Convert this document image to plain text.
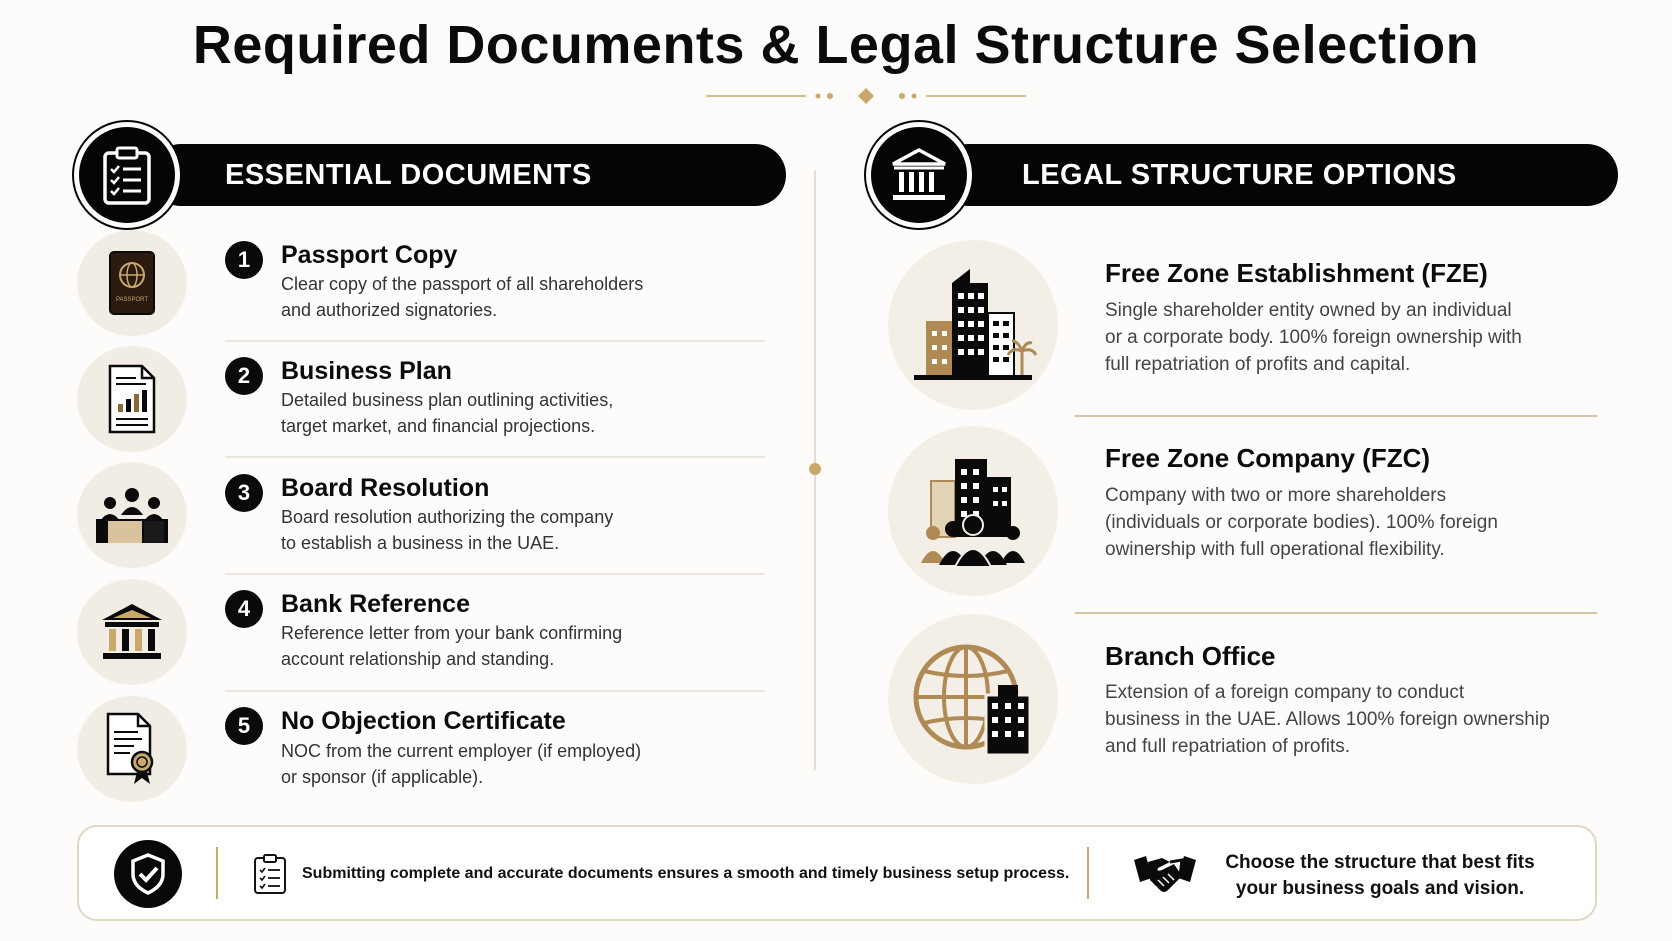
Required Documents & Legal Structure Selection
ESSENTIAL DOCUMENTS	LEGAL STRUCTURE OPTIONS
PASSPORT
1	Passport Copy
Clear copy of the passport of all shareholders
and authorized signatories.
2	Business Plan
Detailed business plan outlining activities,
target market, and financial projections.
3	Board Resolution
Board resolution authorizing the company
to establish a business in the UAE.
4	Bank Reference
Reference letter from your bank confirming
account relationship and standing.
5	No Objection Certificate
NOC from the current employer (if employed)
or sponsor (if applicable).
Free Zone Establishment (FZE)
Single shareholder entity owned by an individual
or a corporate body. 100% foreign ownership with
full repatriation of profits and capital.
Free Zone Company (FZC)
Company with two or more shareholders
(individuals or corporate bodies). 100% foreign
owinership with full operational flexibility.
Branch Office
Extension of a foreign company to conduct
business in the UAE. Allows 100% foreign ownership
and full repatriation of profits.
Submitting complete and accurate documents ensures a smooth and timely business setup process.
Choose the structure that best fits
your business goals and vision.
